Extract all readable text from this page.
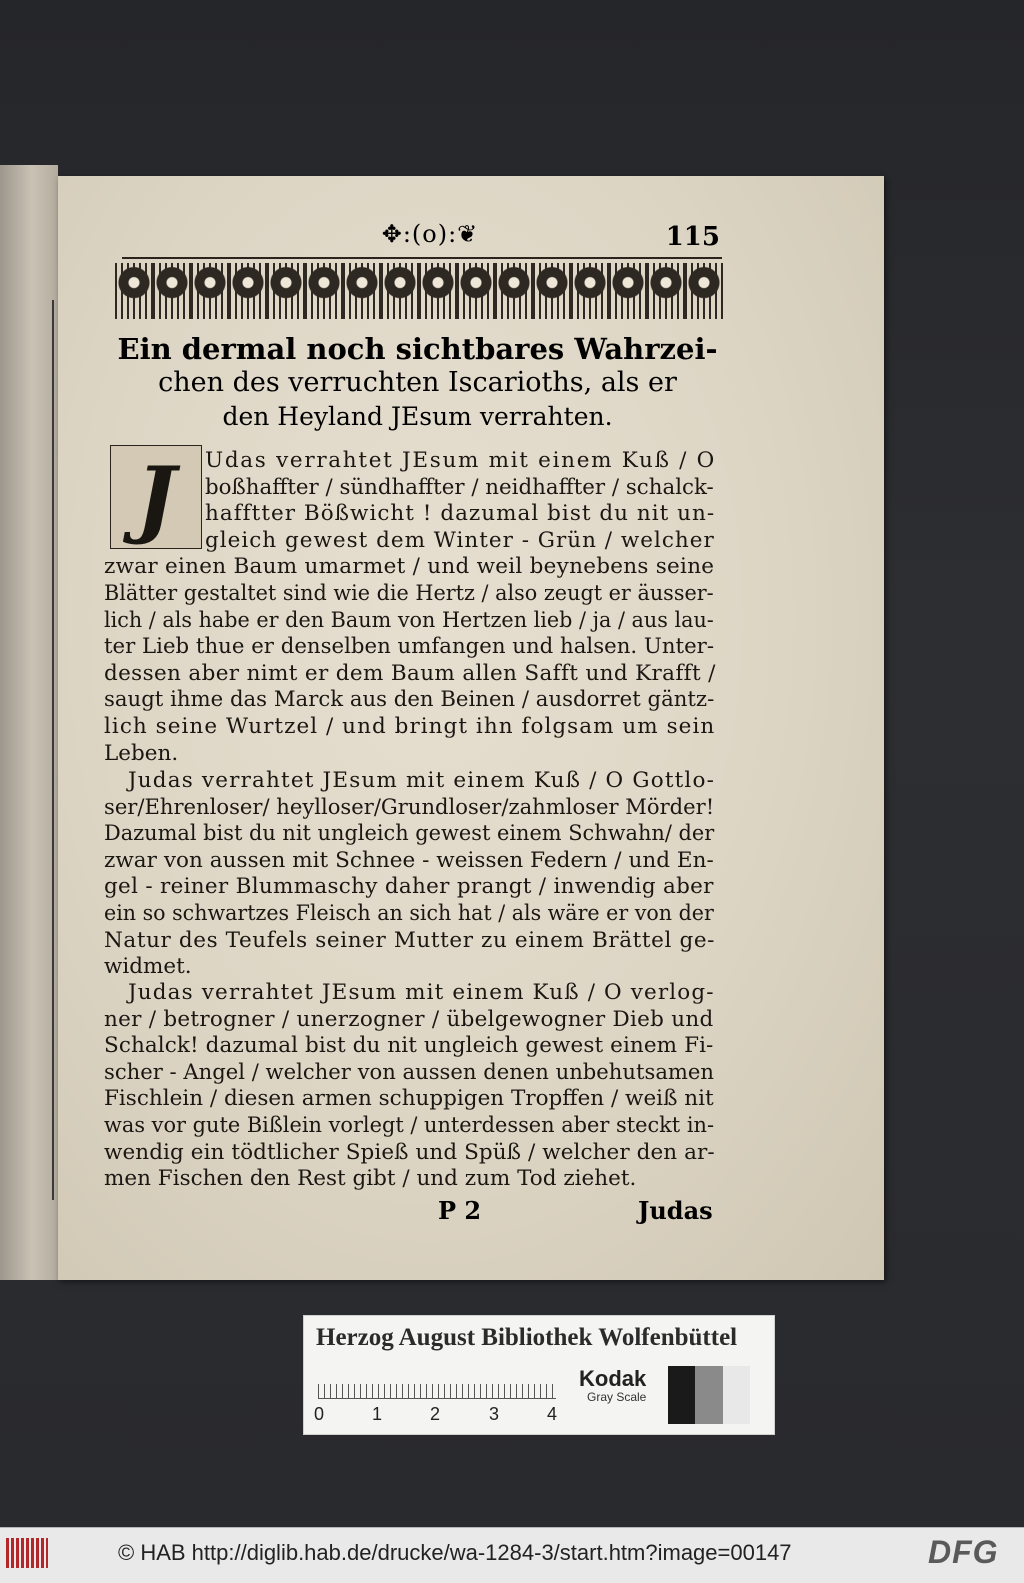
✥:(o):❦	115
Ein dermal noch sichtbares Wahrzei-
chen des verruchten Iscarioths, als er
den Heyland JEsum verrahten.
J	Udas verrahtet JEsum mit einem Kuß / O
boßhaffter / sündhaffter / neidhaffter / schalck-
hafftter Bößwicht ! dazumal bist du nit un-
gleich gewest dem Winter - Grün / welcher
zwar einen Baum umarmet / und weil beynebens seine
Blätter gestaltet sind wie die Hertz / also zeugt er äusser-
lich / als habe er den Baum von Hertzen lieb / ja / aus lau-
ter Lieb thue er denselben umfangen und halsen. Unter-
dessen aber nimt er dem Baum allen Safft und Krafft /
saugt ihme das Marck aus den Beinen / ausdorret gäntz-
lich seine Wurtzel / und bringt ihn folgsam um sein
Leben.
Judas verrahtet JEsum mit einem Kuß / O Gottlo-
ser/Ehrenloser/ heylloser/Grundloser/zahmloser Mörder!
Dazumal bist du nit ungleich gewest einem Schwahn/ der
zwar von aussen mit Schnee - weissen Federn / und En-
gel - reiner Blummaschy daher prangt / inwendig aber
ein so schwartzes Fleisch an sich hat / als wäre er von der
Natur des Teufels seiner Mutter zu einem Brättel ge-
widmet.
Judas verrahtet JEsum mit einem Kuß / O verlog-
ner / betrogner / unerzogner / übelgewogner Dieb und
Schalck! dazumal bist du nit ungleich gewest einem Fi-
scher - Angel / welcher von aussen denen unbehutsamen
Fischlein / diesen armen schuppigen Tropffen / weiß nit
was vor gute Bißlein vorlegt / unterdessen aber steckt in-
wendig ein tödtlicher Spieß und Spüß / welcher den ar-
men Fischen den Rest gibt / und zum Tod ziehet.
P 2	Judas
Herzog August Bibliothek Wolfenbüttel
0	1	2	3	4
Kodak
Gray Scale
© HAB http://diglib.hab.de/drucke/wa-1284-3/start.htm?image=00147	DFG
